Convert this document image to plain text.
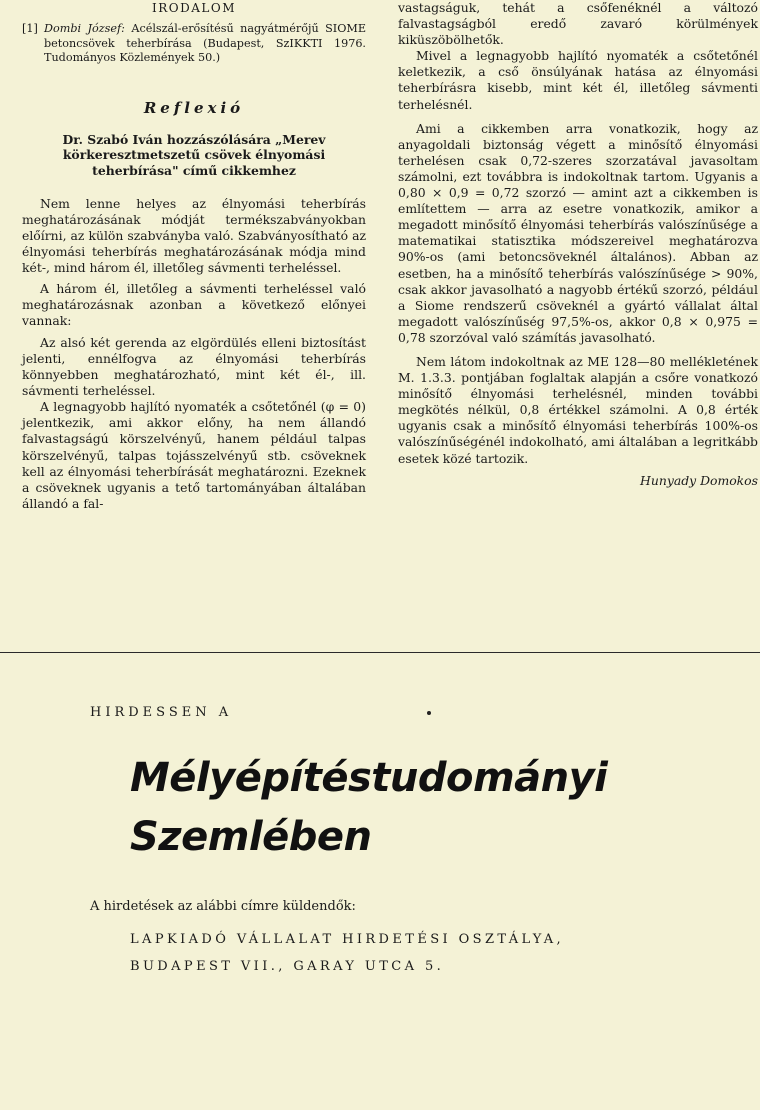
IRODALOM
[1] Dombi József: Acélszál-erősítésű nagyátmérőjű SIOME betoncsövek teherbírása (Budapest, SzIKKTI 1976. Tudományos Közlemények 50.)
Reflexió
Dr. Szabó Iván hozzászólására „Merev körkeresztmetszetű csövek élnyomási teherbírása" című cikkemhez

Nem lenne helyes az élnyomási teherbírás meghatározásának módját termékszabványokban előírni, az külön szabványba való. Szabványosítható az élnyomási teherbírás meghatározásának módja mind két-, mind három él, illetőleg sávmenti terheléssel.

A három él, illetőleg a sávmenti terheléssel való meghatározásnak azonban a következő előnyei vannak:

Az alsó két gerenda az elgördülés elleni biztosítást jelenti, ennélfogva az élnyomási teherbírás könnyebben meghatározható, mint két él-, ill. sávmenti terheléssel.

A legnagyobb hajlító nyomaték a csőtetőnél (φ = 0) jelentkezik, ami akkor előny, ha nem állandó falvastagságú körszelvényű, hanem például talpas körszelvényű, talpas tojásszelvényű stb. csöveknek kell az élnyomási teherbírását meghatározni. Ezeknek a csöveknek ugyanis a tető tartományában általában állandó a fal-

vastagságuk, tehát a csőfenéknél a változó falvastagságból eredő zavaró körülmények kiküszöbölhetők.

Mivel a legnagyobb hajlító nyomaték a csőtetőnél keletkezik, a cső önsúlyának hatása az élnyomási teherbírásra kisebb, mint két él, illetőleg sávmenti terhelésnél.

Ami a cikkemben arra vonatkozik, hogy az anyagoldali biztonság végett a minősítő élnyomási terhelésen csak 0,72-szeres szorzatával javasoltam számolni, ezt továbbra is indokoltnak tartom. Ugyanis a 0,80 × 0,9 = 0,72 szorzó — amint azt a cikkemben is említettem — arra az esetre vonatkozik, amikor a megadott minősítő élnyomási teherbírás valószínűsége a matematikai statisztika módszereivel meghatározva 90%-os (ami betoncsöveknél általános). Abban az esetben, ha a minősítő teherbírás valószínűsége > 90%, csak akkor javasolható a nagyobb értékű szorzó, például a Siome rendszerű csöveknél a gyártó vállalat által megadott valószínűség 97,5%-os, akkor 0,8 × 0,975 = 0,78 szorzóval való számítás javasolható.

Nem látom indokoltnak az ME 128—80 mellékletének M. 1.3.3. pontjában foglaltak alapján a csőre vonatkozó minősítő élnyomási terhelésnél, minden további megkötés nélkül, 0,8 értékkel számolni. A 0,8 érték ugyanis csak a minősítő élnyomási teherbírás 100%-os valószínűségénél indokolható, ami általában a legritkább esetek közé tartozik.

Hunyady Domokos
HIRDESSEN A
Mélyépítéstudományi
Szemlében
A hirdetések az alábbi címre küldendők:
LAPKIADÓ VÁLLALAT HIRDETÉSI OSZTÁLYA,
BUDAPEST VII., GARAY UTCA 5.
